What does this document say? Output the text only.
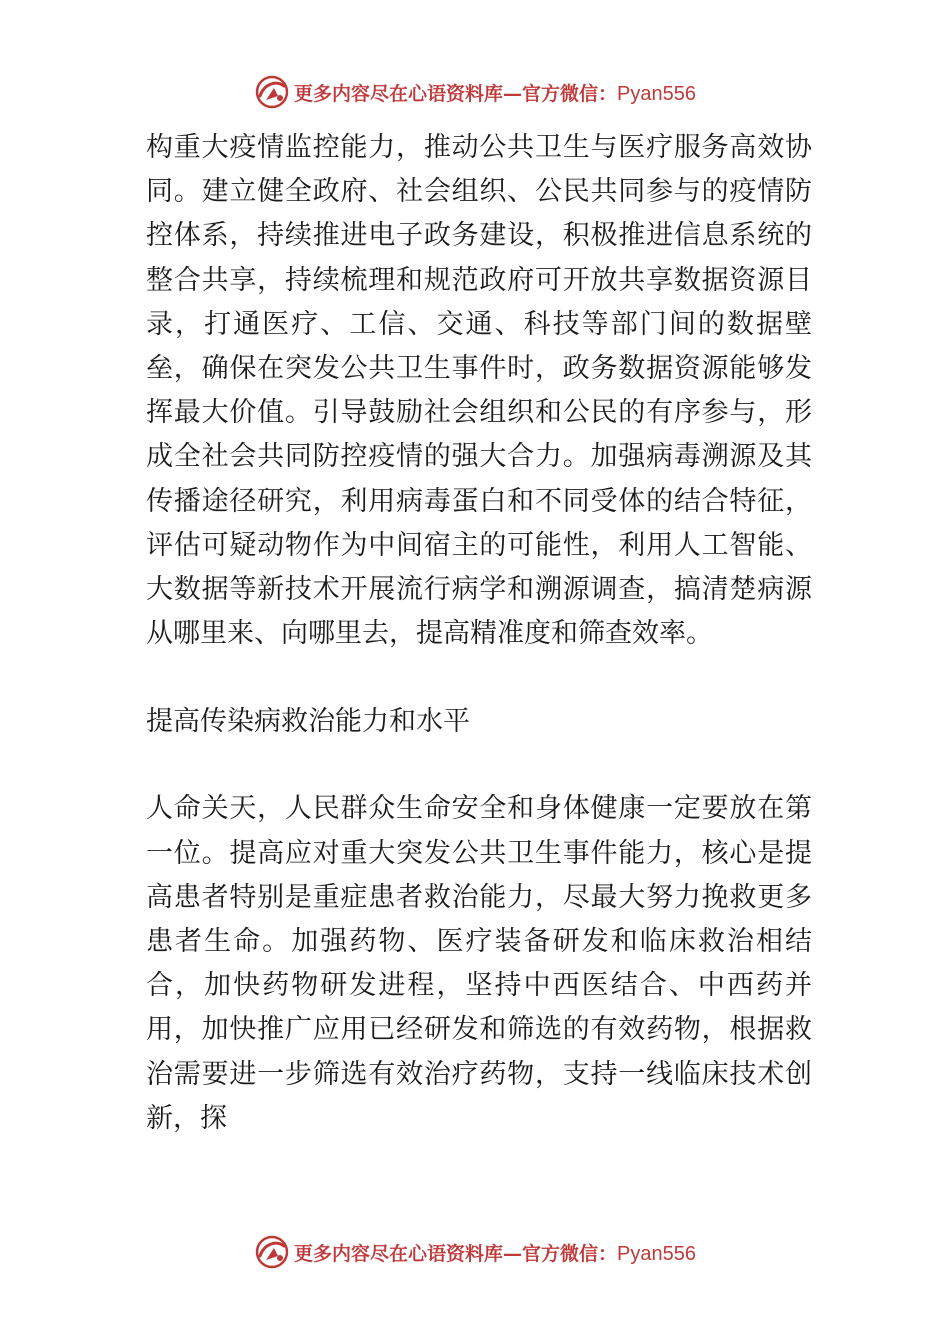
更多内容尽在心语资料库—官方微信：Pyan556

构重大疫情监控能力，推动公共卫生与医疗服务高效协同。建立健全政府、社会组织、公民共同参与的疫情防控体系，持续推进电子政务建设，积极推进信息系统的整合共享，持续梳理和规范政府可开放共享数据资源目录，打通医疗、工信、交通、科技等部门间的数据壁垒，确保在突发公共卫生事件时，政务数据资源能够发挥最大价值。引导鼓励社会组织和公民的有序参与，形成全社会共同防控疫情的强大合力。加强病毒溯源及其传播途径研究，利用病毒蛋白和不同受体的结合特征，评估可疑动物作为中间宿主的可能性，利用人工智能、大数据等新技术开展流行病学和溯源调查，搞清楚病源从哪里来、向哪里去，提高精准度和筛查效率。

提高传染病救治能力和水平

人命关天，人民群众生命安全和身体健康一定要放在第一位。提高应对重大突发公共卫生事件能力，核心是提高患者特别是重症患者救治能力，尽最大努力挽救更多患者生命。加强药物、医疗装备研发和临床救治相结合，加快药物研发进程，坚持中西医结合、中西药并用，加快推广应用已经研发和筛选的有效药物，根据救治需要进一步筛选有效治疗药物，支持一线临床技术创新，探

更多内容尽在心语资料库—官方微信：Pyan556
